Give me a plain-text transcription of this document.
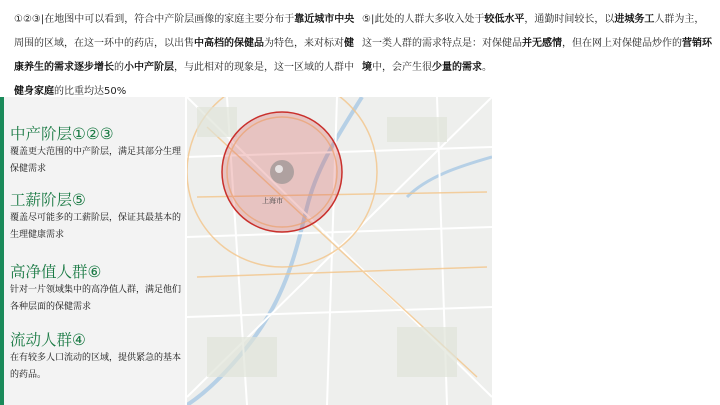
①②③|在地图中可以看到，符合中产阶层画像的家庭主要分布于靠近城市中央周围的区域，在这一环中的药店，以出售中高档的保健品为特色，来对标对健康养生的需求逐步增长的小中产阶层，与此相对的现象是，这一区域的人群中健身家庭的比重均达50%
⑤|此处的人群大多收入处于较低水平，通勤时间较长，以进城务工人群为主，这一类人群的需求特点是：对保健品并无感情，但在网上对保健品炒作的营销环境中，会产生很少量的需求。
中产阶层①②③
覆盖更大范围的中产阶层，满足其部分生理保健需求
工薪阶层⑤
覆盖尽可能多的工薪阶层，保证其最基本的生理健康需求
高净值人群⑥
针对一片领域集中的高净值人群，满足他们各种层面的保健需求
流动人群④
在有较多人口流动的区域，提供紧急的基本的药品。
上海市
